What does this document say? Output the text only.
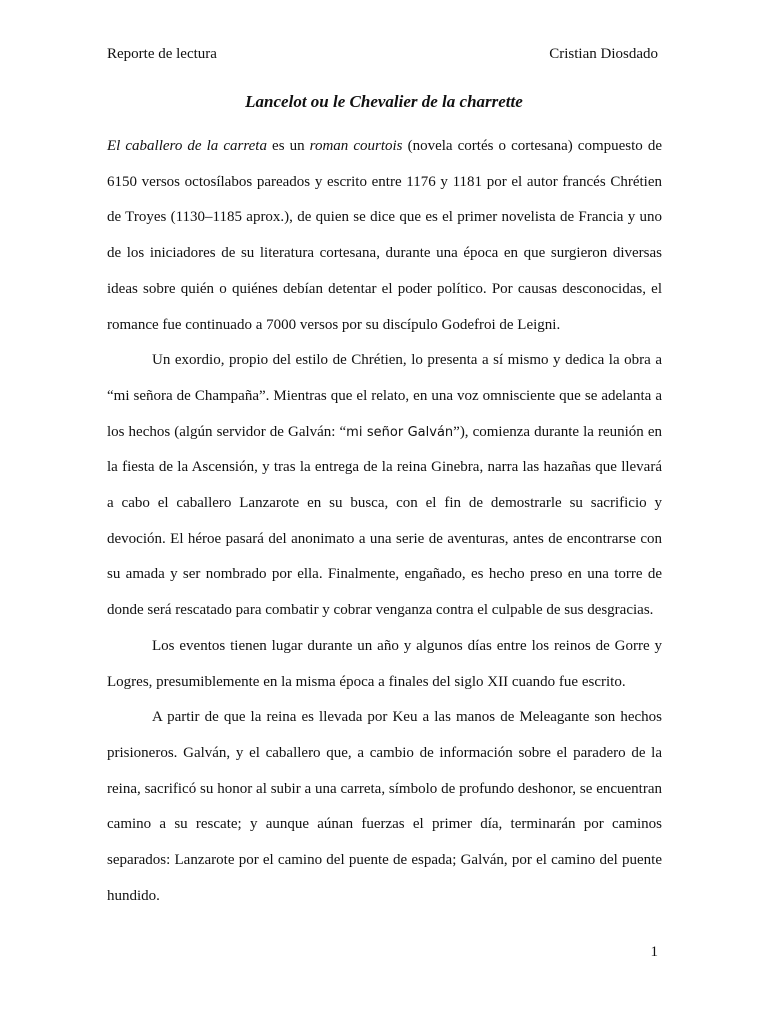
Reporte de lectura	Cristian Diosdado
Lancelot ou le Chevalier de la charrette

El caballero de la carreta es un roman courtois (novela cortés o cortesana) compuesto de 6150 versos octosílabos pareados y escrito entre 1176 y 1181 por el autor francés Chrétien de Troyes (1130–1185 aprox.), de quien se dice que es el primer novelista de Francia y uno de los iniciadores de su literatura cortesana, durante una época en que surgieron diversas ideas sobre quién o quiénes debían detentar el poder político. Por causas desconocidas, el romance fue continuado a 7000 versos por su discípulo Godefroi de Leigni.

Un exordio, propio del estilo de Chrétien, lo presenta a sí mismo y dedica la obra a “mi señora de Champaña”. Mientras que el relato, en una voz omnisciente que se adelanta a los hechos (algún servidor de Galván: “mi señor Galván”), comienza durante la reunión en la fiesta de la Ascensión, y tras la entrega de la reina Ginebra, narra las hazañas que llevará a cabo el caballero Lanzarote en su busca, con el fin de demostrarle su sacrificio y devoción. El héroe pasará del anonimato a una serie de aventuras, antes de encontrarse con su amada y ser nombrado por ella. Finalmente, engañado, es hecho preso en una torre de donde será rescatado para combatir y cobrar venganza contra el culpable de sus desgracias.

Los eventos tienen lugar durante un año y algunos días entre los reinos de Gorre y Logres, presumiblemente en la misma época a finales del siglo XII cuando fue escrito.

A partir de que la reina es llevada por Keu a las manos de Meleagante son hechos prisioneros. Galván, y el caballero que, a cambio de información sobre el paradero de la reina, sacrificó su honor al subir a una carreta, símbolo de profundo deshonor, se encuentran camino a su rescate; y aunque aúnan fuerzas el primer día, terminarán por caminos separados: Lanzarote por el camino del puente de espada; Galván, por el camino del puente hundido.

1
